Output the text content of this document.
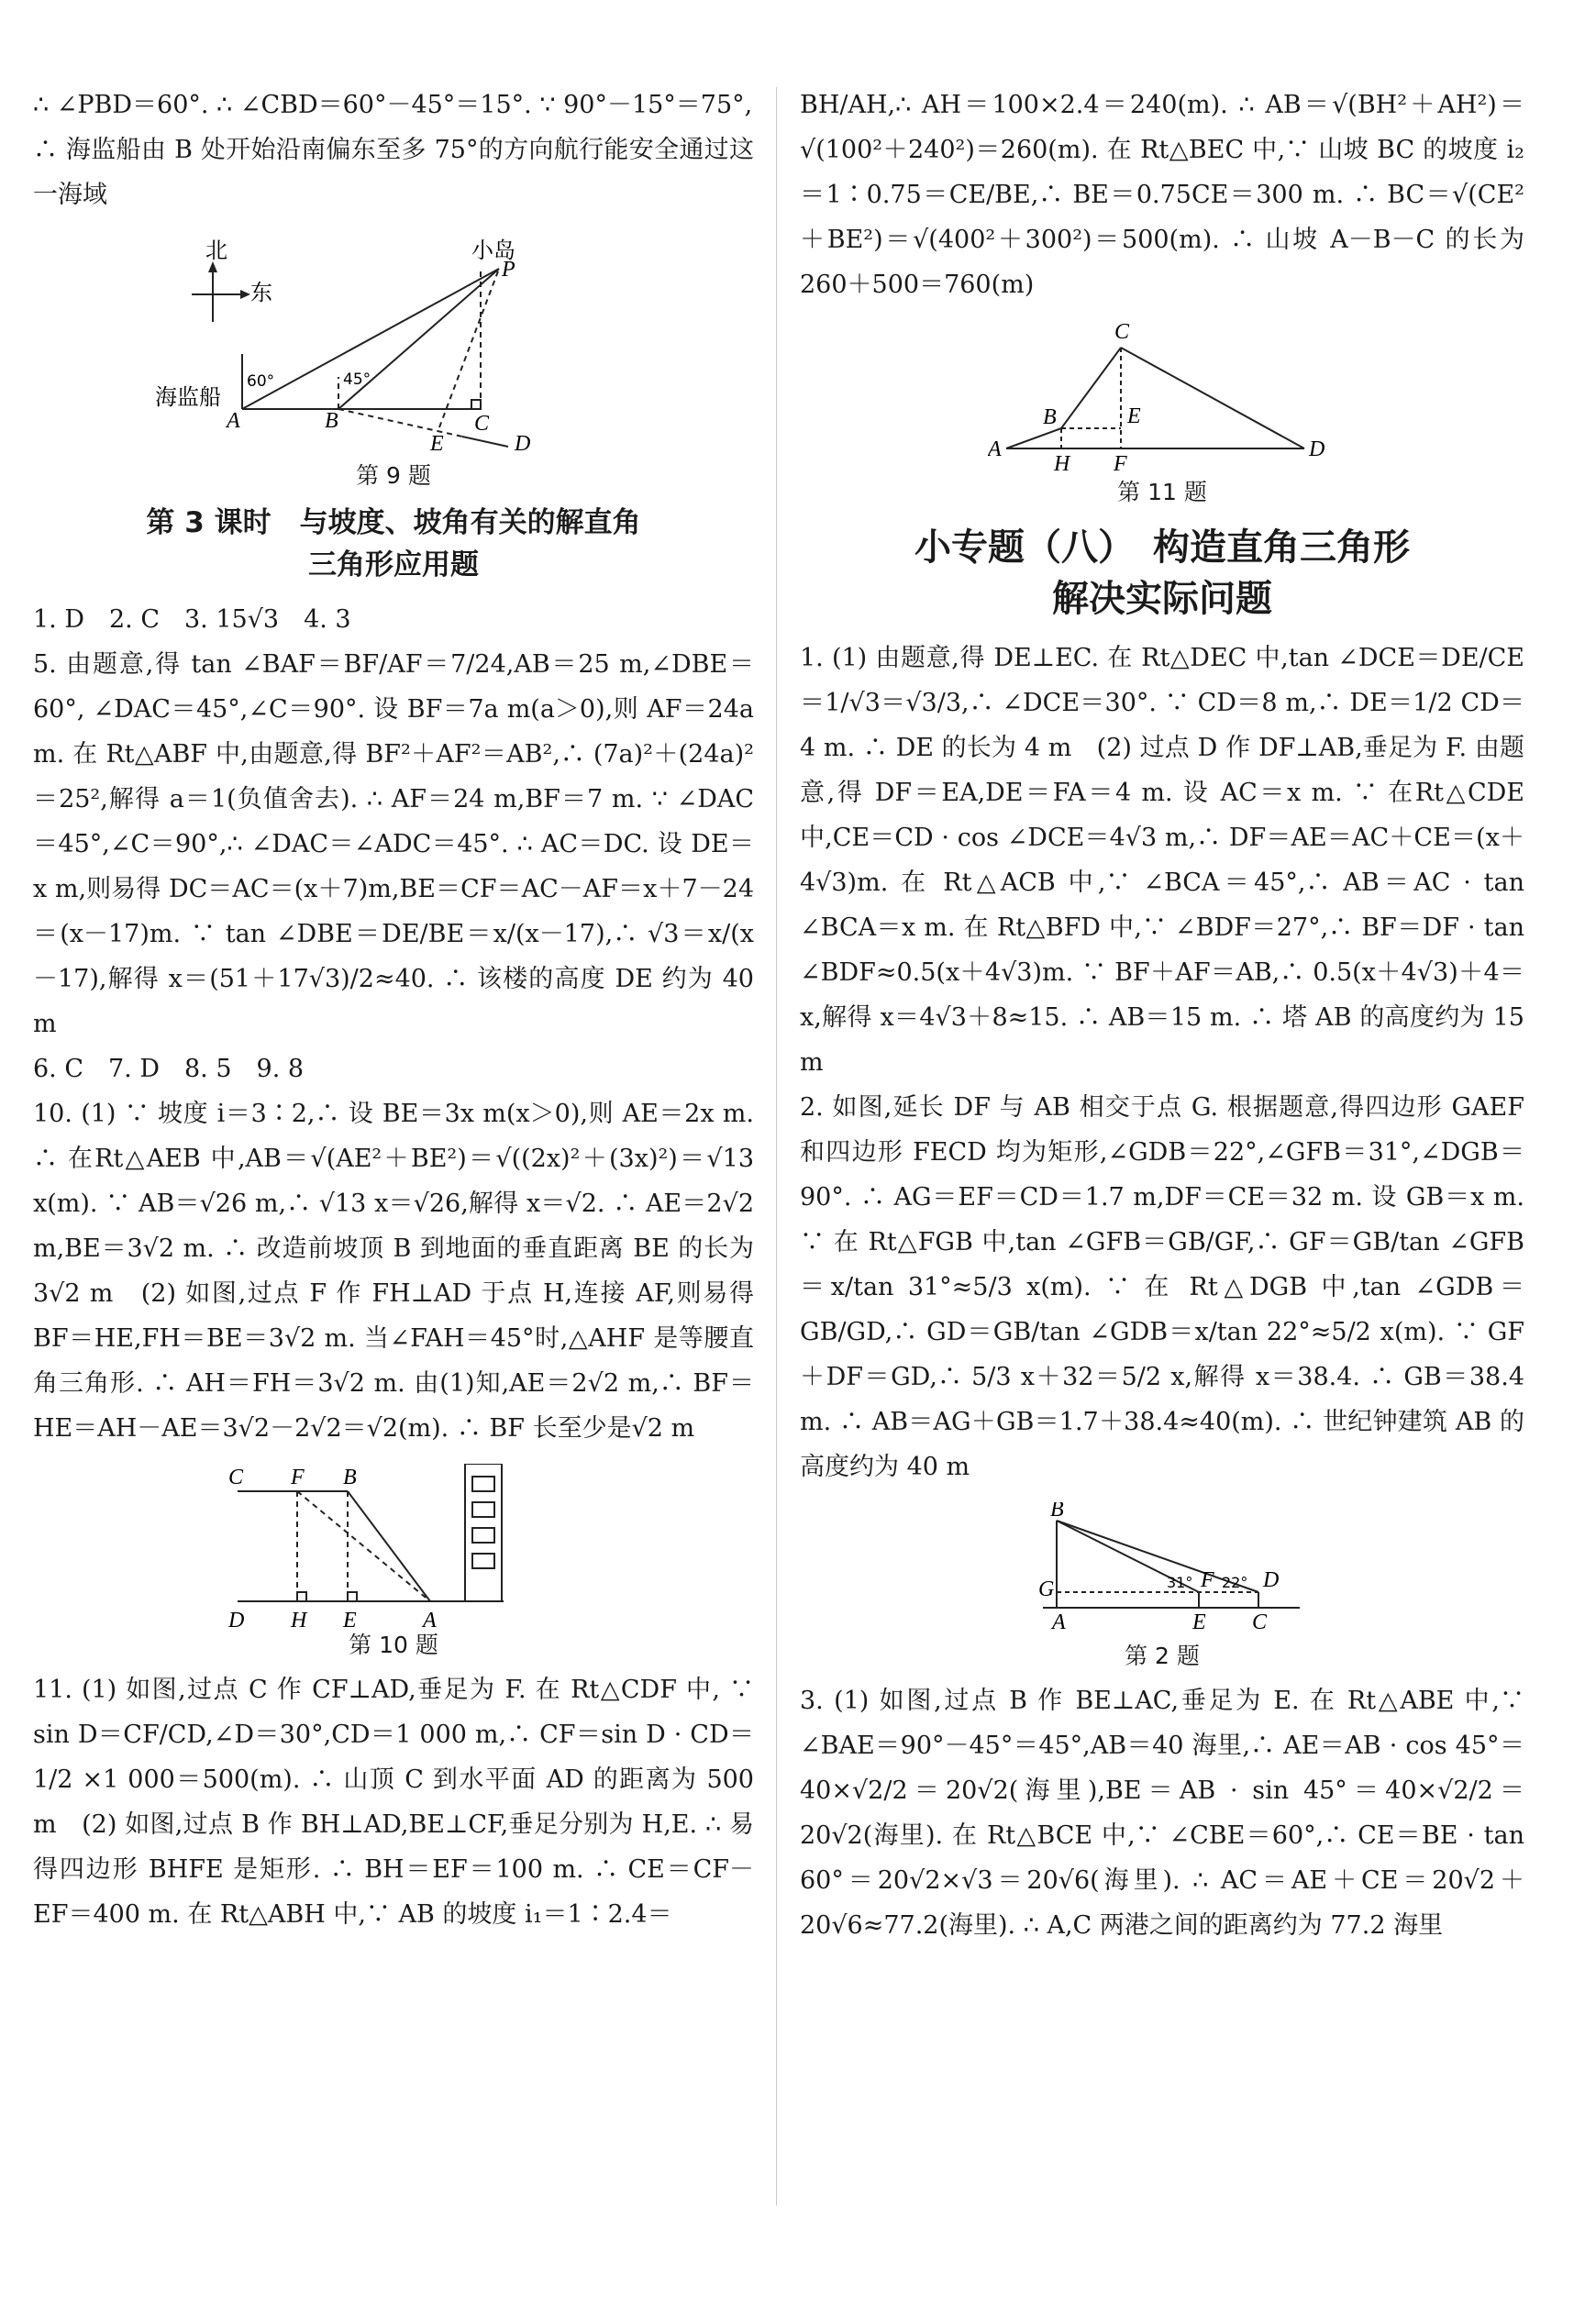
∴ ∠PBD＝60°. ∴ ∠CBD＝60°－45°＝15°. ∵ 90°－15°＝75°,

∴ 海监船由 B 处开始沿南偏东至多 75°的方向航行能安全通过这一海域

北
东
小岛
海监船
60°	45°
A	B
P
E
C
D
第 9 题
第 3 课时　与坡度、坡角有关的解直角
三角形应用题

1. D　2. C　3. 15√3　4. 3

5. 由题意,得 tan ∠BAF＝BF/AF＝7/24,AB＝25 m,∠DBE＝60°, ∠DAC＝45°,∠C＝90°. 设 BF＝7a m(a＞0),则 AF＝24a m. 在 Rt△ABF 中,由题意,得 BF²＋AF²＝AB²,∴ (7a)²＋(24a)²＝25²,解得 a＝1(负值舍去). ∴ AF＝24 m,BF＝7 m. ∵ ∠DAC＝45°,∠C＝90°,∴ ∠DAC＝∠ADC＝45°. ∴ AC＝DC. 设 DE＝x m,则易得 DC＝AC＝(x＋7)m,BE＝CF＝AC－AF＝x＋7－24＝(x－17)m. ∵ tan ∠DBE＝DE/BE＝x/(x－17),∴ √3＝x/(x－17),解得 x＝(51＋17√3)/2≈40. ∴ 该楼的高度 DE 约为 40 m

6. C　7. D　8. 5　9. 8

10. (1) ∵ 坡度 i＝3∶2,∴ 设 BE＝3x m(x＞0),则 AE＝2x m. ∴ 在Rt△AEB 中,AB＝√(AE²＋BE²)＝√((2x)²＋(3x)²)＝√13 x(m). ∵ AB＝√26 m,∴ √13 x＝√26,解得 x＝√2. ∴ AE＝2√2 m,BE＝3√2 m. ∴ 改造前坡顶 B 到地面的垂直距离 BE 的长为 3√2 m　(2) 如图,过点 F 作 FH⊥AD 于点 H,连接 AF,则易得 BF＝HE,FH＝BE＝3√2 m. 当∠FAH＝45°时,△AHF 是等腰直角三角形. ∴ AH＝FH＝3√2 m. 由(1)知,AE＝2√2 m,∴ BF＝HE＝AH－AE＝3√2－2√2＝√2(m). ∴ BF 长至少是√2 m

C F B
D H E	A
第 10 题

11. (1) 如图,过点 C 作 CF⊥AD,垂足为 F. 在 Rt△CDF 中, ∵ sin D＝CF/CD,∠D＝30°,CD＝1 000 m,∴ CF＝sin D · CD＝1/2 ×1 000＝500(m). ∴ 山顶 C 到水平面 AD 的距离为 500 m　(2) 如图,过点 B 作 BH⊥AD,BE⊥CF,垂足分别为 H,E. ∴ 易得四边形 BHFE 是矩形. ∴ BH＝EF＝100 m. ∴ CE＝CF－EF＝400 m. 在 Rt△ABH 中,∵ AB 的坡度 i₁＝1∶2.4＝

BH/AH,∴ AH＝100×2.4＝240(m). ∴ AB＝√(BH²＋AH²)＝√(100²＋240²)＝260(m). 在 Rt△BEC 中,∵ 山坡 BC 的坡度 i₂＝1∶0.75＝CE/BE,∴ BE＝0.75CE＝300 m. ∴ BC＝√(CE²＋BE²)＝√(400²＋300²)＝500(m). ∴ 山坡 A－B－C 的长为 260＋500＝760(m)

C
B	E
A
H F
D
第 11 题
小专题（八）　构造直角三角形
解决实际问题

1. (1) 由题意,得 DE⊥EC. 在 Rt△DEC 中,tan ∠DCE＝DE/CE＝1/√3＝√3/3,∴ ∠DCE＝30°. ∵ CD＝8 m,∴ DE＝1/2 CD＝4 m. ∴ DE 的长为 4 m　(2) 过点 D 作 DF⊥AB,垂足为 F. 由题意,得 DF＝EA,DE＝FA＝4 m. 设 AC＝x m. ∵ 在Rt△CDE 中,CE＝CD · cos ∠DCE＝4√3 m,∴ DF＝AE＝AC＋CE＝(x＋4√3)m. 在 Rt△ACB 中,∵ ∠BCA＝45°,∴ AB＝AC · tan ∠BCA＝x m. 在 Rt△BFD 中,∵ ∠BDF＝27°,∴ BF＝DF · tan ∠BDF≈0.5(x＋4√3)m. ∵ BF＋AF＝AB,∴ 0.5(x＋4√3)＋4＝x,解得 x＝4√3＋8≈15. ∴ AB＝15 m. ∴ 塔 AB 的高度约为 15 m

2. 如图,延长 DF 与 AB 相交于点 G. 根据题意,得四边形 GAEF 和四边形 FECD 均为矩形,∠GDB＝22°,∠GFB＝31°,∠DGB＝90°. ∴ AG＝EF＝CD＝1.7 m,DF＝CE＝32 m. 设 GB＝x m. ∵ 在 Rt△FGB 中,tan ∠GFB＝GB/GF,∴ GF＝GB/tan ∠GFB＝x/tan 31°≈5/3 x(m). ∵ 在 Rt△DGB 中,tan ∠GDB＝GB/GD,∴ GD＝GB/tan ∠GDB＝x/tan 22°≈5/2 x(m). ∵ GF＋DF＝GD,∴ 5/3 x＋32＝5/2 x,解得 x＝38.4. ∴ GB＝38.4 m. ∴ AB＝AG＋GB＝1.7＋38.4≈40(m). ∴ 世纪钟建筑 AB 的高度约为 40 m

B
G
A	E
F D
C
31° 22°
第 2 题

3. (1) 如图,过点 B 作 BE⊥AC,垂足为 E. 在 Rt△ABE 中,∵ ∠BAE＝90°－45°＝45°,AB＝40 海里,∴ AE＝AB · cos 45°＝40×√2/2＝20√2(海里),BE＝AB · sin 45°＝40×√2/2＝20√2(海里). 在 Rt△BCE 中,∵ ∠CBE＝60°,∴ CE＝BE · tan 60°＝20√2×√3＝20√6(海里). ∴ AC＝AE＋CE＝20√2＋20√6≈77.2(海里). ∴ A,C 两港之间的距离约为 77.2 海里
